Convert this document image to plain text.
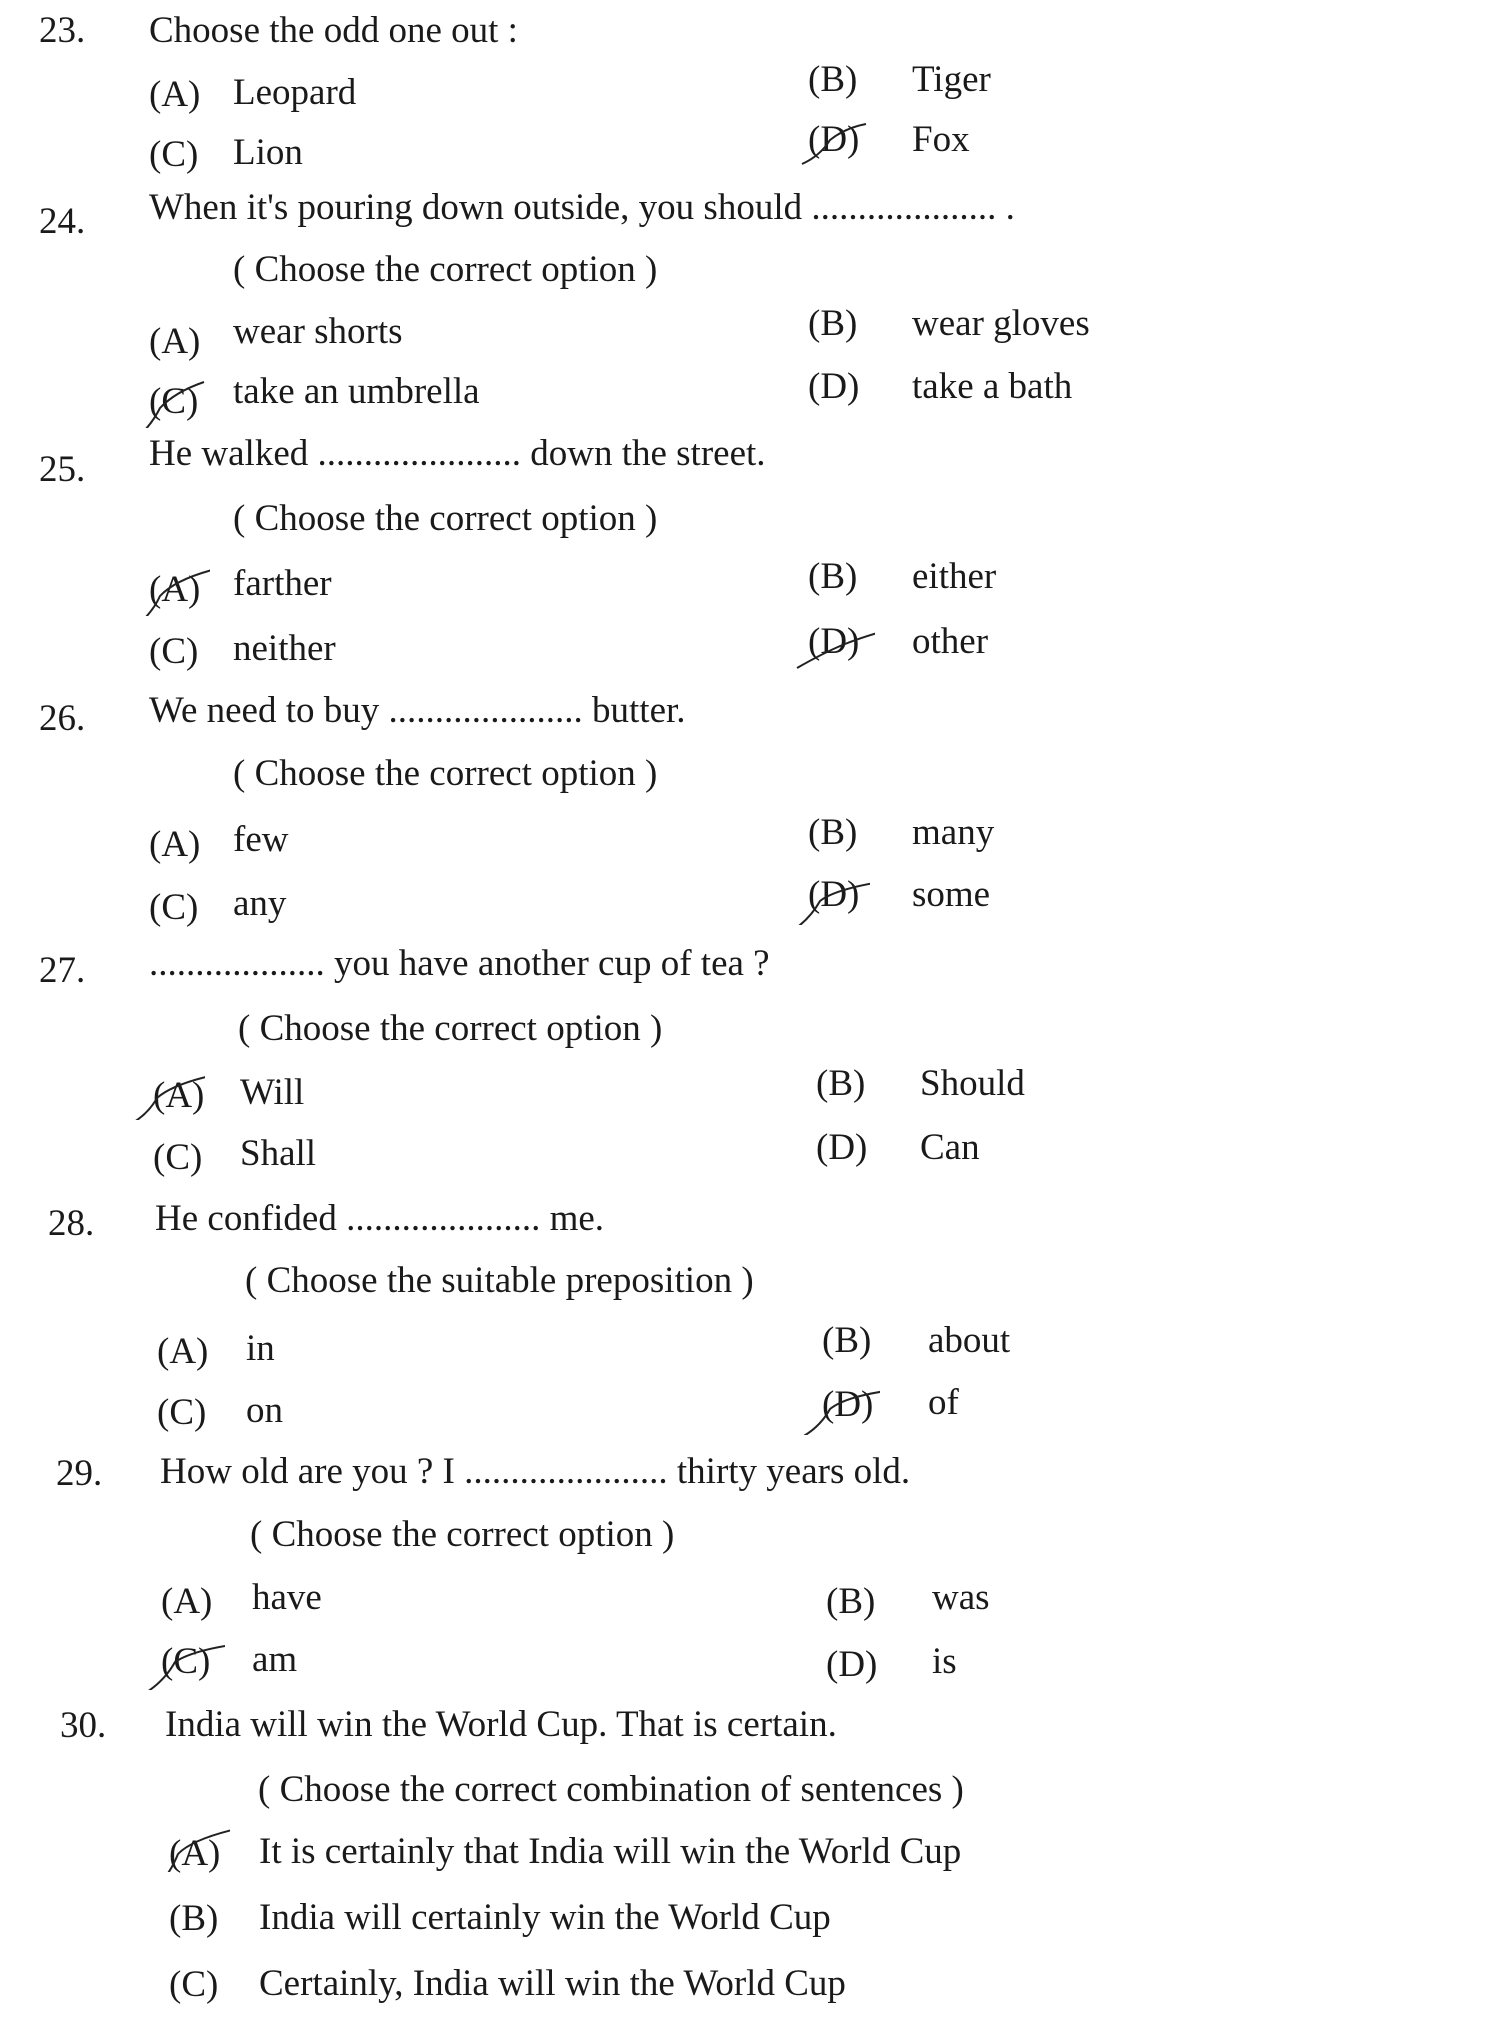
23. Choose the odd one out :
(A) Leopard	(B) Tiger
(C) Lion	(D) Fox
24. When it's pouring down outside, you should .................... .
( Choose the correct option )
(A) wear shorts	(B) wear gloves
(C) take an umbrella	(D) take a bath
25. He walked ...................... down the street.
( Choose the correct option )
(A) farther	(B) either
(C) neither	(D) other
26. We need to buy ..................... butter.
( Choose the correct option )
(A) few	(B) many
(C) any	(D) some
27. ................... you have another cup of tea ?
( Choose the correct option )
(A) Will	(B) Should
(C) Shall	(D) Can
28. He confided ..................... me.
( Choose the suitable preposition )
(A) in	(B) about
(C) on	(D) of
29. How old are you ? I ...................... thirty years old.
( Choose the correct option )
(A) have	(B) was
(C) am	(D) is
30. India will win the World Cup. That is certain.
( Choose the correct combination of sentences )
(A) It is certainly that India will win the World Cup
(B) India will certainly win the World Cup
(C) Certainly, India will win the World Cup
